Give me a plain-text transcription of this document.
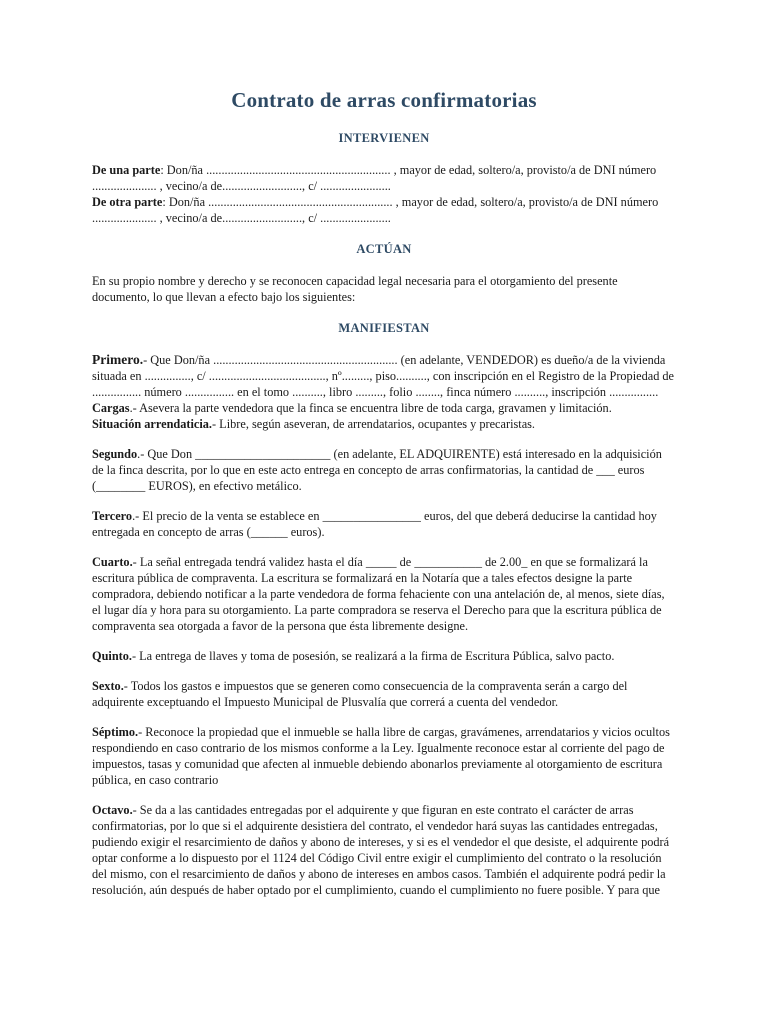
Contrato de arras confirmatorias
INTERVIENEN

De una parte: Don/ña ............................................................ , mayor de edad, soltero/a, provisto/a de DNI número ..................... , vecino/a de.........................., c/ .......................

De otra parte: Don/ña ............................................................ , mayor de edad, soltero/a, provisto/a de DNI número ..................... , vecino/a de.........................., c/ .......................

ACTÚAN

En su propio nombre y derecho y se reconocen capacidad legal necesaria para el otorgamiento del presente documento, lo que llevan a efecto bajo los siguientes:

MANIFIESTAN

Primero.- Que Don/ña ............................................................ (en adelante, VENDEDOR) es dueño/a de la vivienda situada en ..............., c/ ......................................, nº........., piso.........., con inscripción en el Registro de la Propiedad de ................ número ................ en el tomo .........., libro ........., folio ........, finca número .........., inscripción ................

Cargas.- Asevera la parte vendedora que la finca se encuentra libre de toda carga, gravamen y limitación.

Situación arrendaticia.- Libre, según aseveran, de arrendatarios, ocupantes y precaristas.

Segundo.- Que Don ______________________ (en adelante, EL ADQUIRENTE) está interesado en la adquisición de la finca descrita, por lo que en este acto entrega en concepto de arras confirmatorias, la cantidad de ___ euros (________ EUROS), en efectivo metálico.

Tercero.- El precio de la venta se establece en ________________ euros, del que deberá deducirse la cantidad hoy entregada en concepto de arras (______ euros).

Cuarto.- La señal entregada tendrá validez hasta el día _____ de ___________ de 2.00_ en que se formalizará la escritura pública de compraventa. La escritura se formalizará en la Notaría que a tales efectos designe la parte compradora, debiendo notificar a la parte vendedora de forma fehaciente con una antelación de, al menos, siete días, el lugar día y hora para su otorgamiento. La parte compradora se reserva el Derecho para que la escritura pública de compraventa sea otorgada a favor de la persona que ésta libremente designe.

Quinto.- La entrega de llaves y toma de posesión, se realizará a la firma de Escritura Pública, salvo pacto.

Sexto.- Todos los gastos e impuestos que se generen como consecuencia de la compraventa serán a cargo del adquirente exceptuando el Impuesto Municipal de Plusvalía que correrá a cuenta del vendedor.

Séptimo.- Reconoce la propiedad que el inmueble se halla libre de cargas, gravámenes, arrendatarios y vicios ocultos respondiendo en caso contrario de los mismos conforme a la Ley. Igualmente reconoce estar al corriente del pago de impuestos, tasas y comunidad que afecten al inmueble debiendo abonarlos previamente al otorgamiento de escritura pública, en caso contrario

Octavo.- Se da a las cantidades entregadas por el adquirente y que figuran en este contrato el carácter de arras confirmatorias, por lo que si el adquirente desistiera del contrato, el vendedor hará suyas las cantidades entregadas, pudiendo exigir el resarcimiento de daños y abono de intereses, y si es el vendedor el que desiste, el adquirente podrá optar conforme a lo dispuesto por el 1124 del Código Civil entre exigir el cumplimiento del contrato o la resolución del mismo, con el resarcimiento de daños y abono de intereses en ambos casos. También el adquirente podrá pedir la resolución, aún después de haber optado por el cumplimiento, cuando el cumplimiento no fuere posible. Y para que
